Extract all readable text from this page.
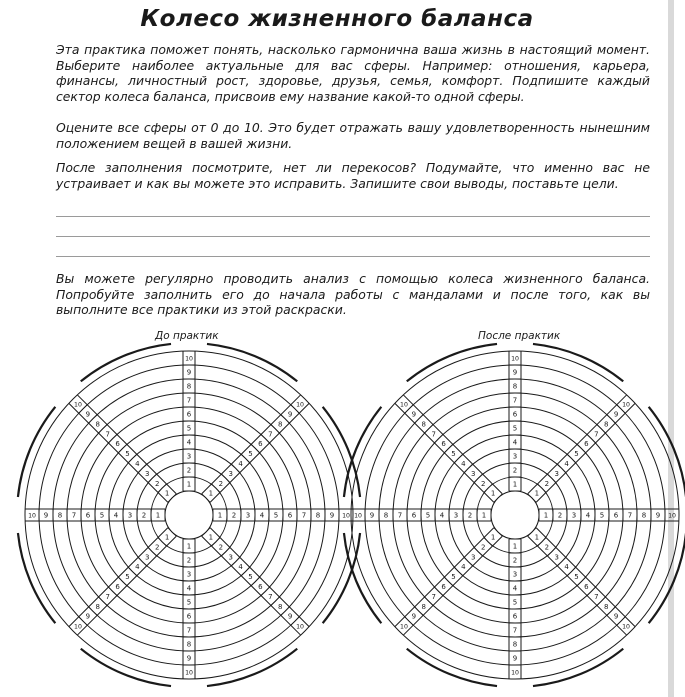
Колесо жизненного баланса

Эта практика поможет понять, насколько гармонична ваша жизнь в настоящий момент. Выберите наиболее актуальные для вас сферы. Например: отношения, карьера, финансы, личностный рост, здоровье, друзья, семья, комфорт. Подпишите каждый сектор колеса баланса, присвоив ему название какой-то одной сферы.

Оцените все сферы от 0 до 10. Это будет отражать вашу удовлетворенность нынешним положением вещей в вашей жизни.

После заполнения посмотрите, нет ли перекосов? Подумайте, что именно вас не устраивает и как вы можете это исправить. Запишите свои выводы, поставьте цели.

Вы можете регулярно проводить анализ с помощью колеса жизненного баланса. Попробуйте заполнить его до начала работы с мандалами и после того, как вы выполните все практики из этой раскраски.

До практик	После практик
1
2
3
4
5
6
7
8
9
10
1
2
3
4
5
6
7
8
9
10
1 2 3 4 5 6 7 8 9 10
1
2
3
4
5
6
7
8
9
10
1
2
3
4
5
6
7
8
9
10
1
2
3
4
5
6
7
8
9
10
1
2
3
4
5
6
7
8
9
10
1
2
3
4
5
6
7
8
9
10
1
2
3
4
5
6
7
8
9
10
1
2
3
4
5
6
7
8
9
10
1 2 3 4 5 6 7 8 9 10
1
2
3
4
5
6
7
8
9
10
1
2
3
4
5
6
7
8
9
10
1
2
3
4
5
6
7
8
9
10
1
2
3
4
5
6
7
8
9
10
1
2
3
4
5
6
7
8
9
10
